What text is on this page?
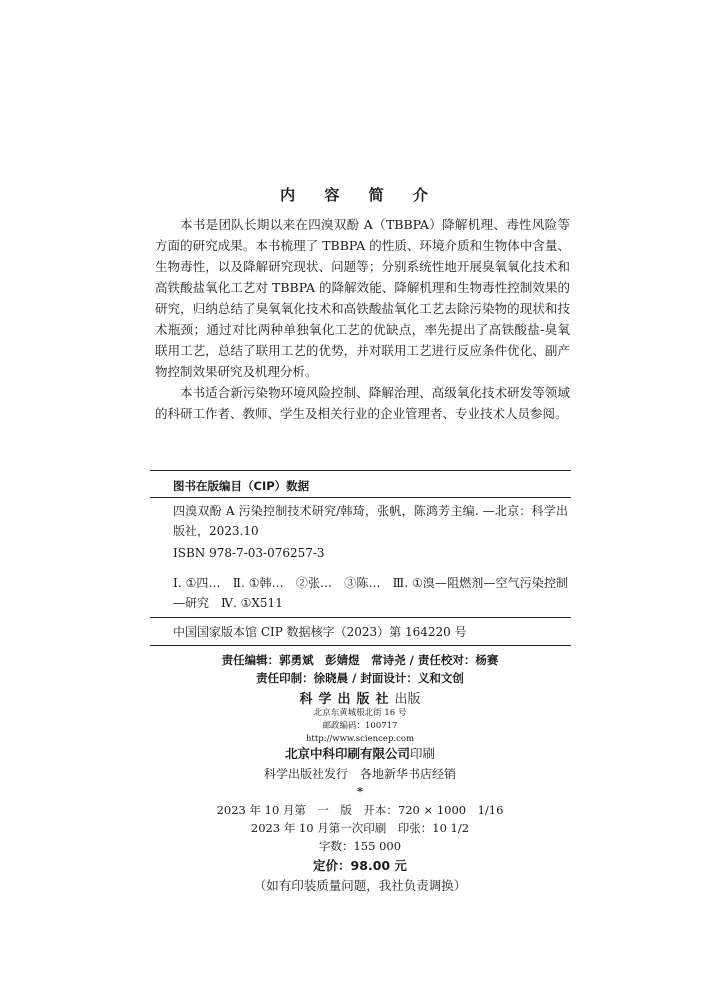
内 容 简 介

本书是团队长期以来在四溴双酚 A（TBBPA）降解机理、毒性风险等方面的研究成果。本书梳理了 TBBPA 的性质、环境介质和生物体中含量、生物毒性，以及降解研究现状、问题等；分别系统性地开展臭氧氧化技术和高铁酸盐氧化工艺对 TBBPA 的降解效能、降解机理和生物毒性控制效果的研究，归纳总结了臭氧氧化技术和高铁酸盐氧化工艺去除污染物的现状和技术瓶颈；通过对比两种单独氧化工艺的优缺点，率先提出了高铁酸盐-臭氧联用工艺，总结了联用工艺的优势，并对联用工艺进行反应条件优化、副产物控制效果研究及机理分析。

本书适合新污染物环境风险控制、降解治理、高级氧化技术研发等领域的科研工作者、教师、学生及相关行业的企业管理者、专业技术人员参阅。

图书在版编目（CIP）数据
四溴双酚 A 污染控制技术研究/韩琦，张帆，陈鸿芳主编. —北京：科学出版社，2023.10
ISBN 978-7-03-076257-3
Ⅰ. ①四…　Ⅱ. ①韩…　②张…　③陈…　Ⅲ. ①溴—阻燃剂—空气污染控制—研究　Ⅳ. ①X511
中国国家版本馆 CIP 数据核字（2023）第 164220 号
责任编辑：郭勇斌　彭婧煜　常诗尧 / 责任校对：杨赛
责任印制：徐晓晨 / 封面设计：义和文创
科学出版社出版
北京东黄城根北街 16 号
邮政编码：100717
http://www.sciencep.com
北京中科印刷有限公司印刷
科学出版社发行　各地新华书店经销
*
2023 年 10 月第　一　版　开本：720 × 1000　1/16
2023 年 10 月第一次印刷　印张：10 1/2
字数：155 000
定价：98.00 元
（如有印装质量问题，我社负责调换）
